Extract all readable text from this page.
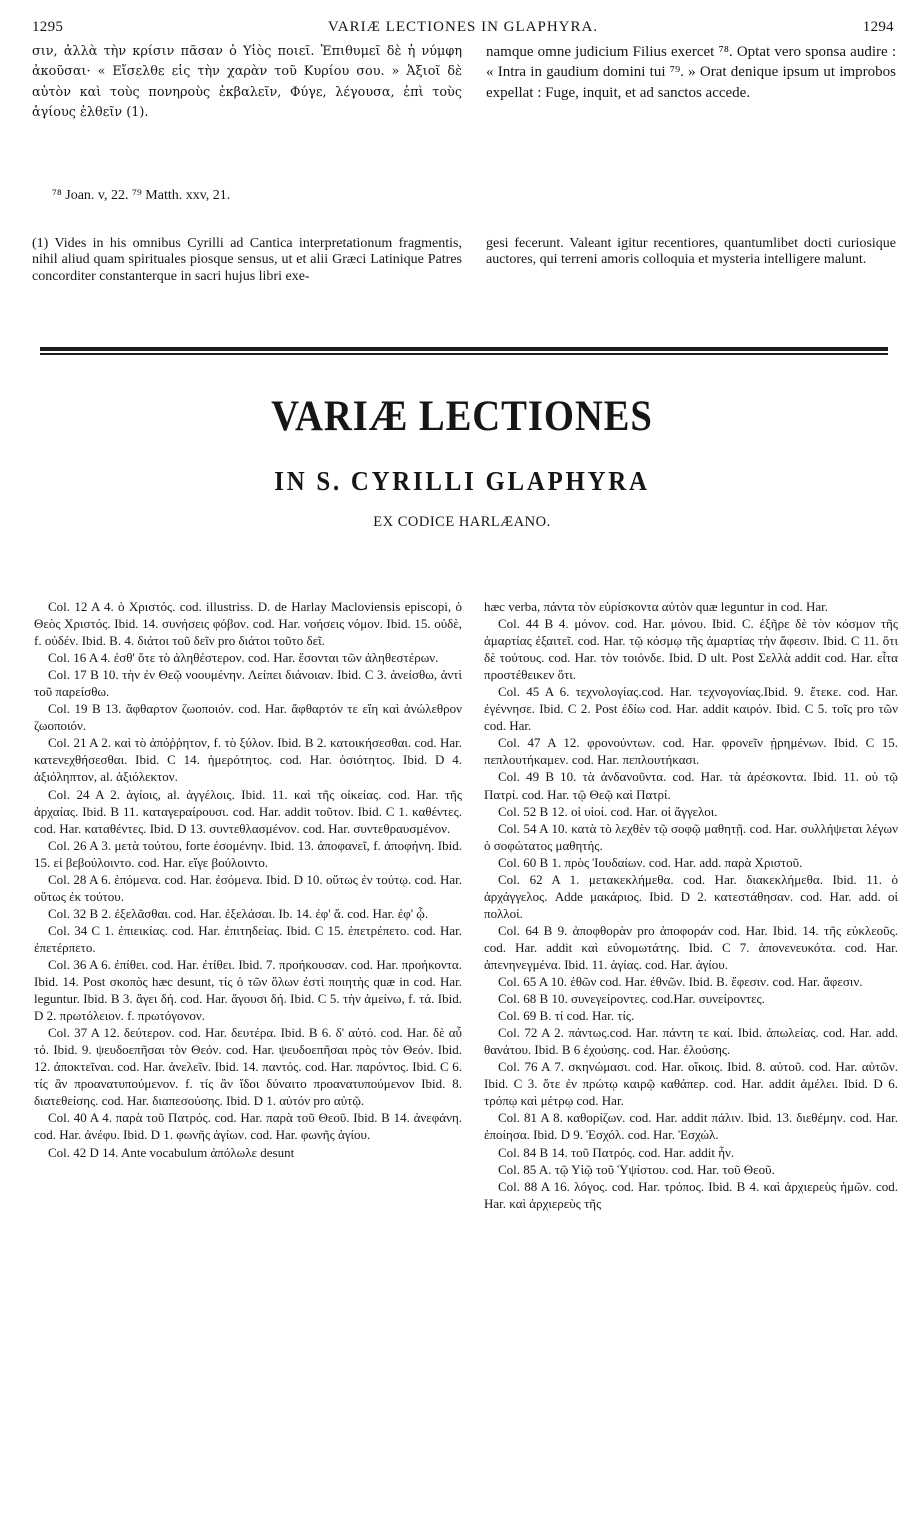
1295	VARIÆ LECTIONES IN GLAPHYRA.	1294

σιν, ἀλλὰ τὴν κρίσιν πᾶσαν ὁ Υἱὸς ποιεῖ. Ἐπιθυμεῖ δὲ ἡ νύμφη ἀκοῦσαι· « Εἴσελθε εἰς τὴν χαρὰν τοῦ Κυρίου σου. » Ἀξιοῖ δὲ αὐτὸν καὶ τοὺς πονηροὺς ἐκβαλεῖν, Φύγε, λέγουσα, ἐπὶ τοὺς ἁγίους ἐλθεῖν (1).

namque omne judicium Filius exercet ⁷⁸. Optat vero sponsa audire : « Intra in gaudium domini tui ⁷⁹. » Orat denique ipsum ut improbos expellat : Fuge, inquit, et ad sanctos accede.

⁷⁸ Joan. v, 22. ⁷⁹ Matth. xxv, 21.
(1) Vides in his omnibus Cyrilli ad Cantica interpretationum fragmentis, nihil aliud quam spirituales piosque sensus, ut et alii Græci Latinique Patres concorditer constanterque in sacri hujus libri exe-
gesi fecerunt. Valeant igitur recentiores, quantumlibet docti curiosique auctores, qui terreni amoris colloquia et mysteria intelligere malunt.
VARIÆ LECTIONES
IN S. CYRILLI GLAPHYRA
EX CODICE HARLÆANO.
Col. 12 A 4. ὁ Χριστός. cod. illustriss. D. de Harlay Macloviensis episcopi, ὁ Θεὸς Χριστός. Ibid. 14. συνήσεις φόβον. cod. Har. νοήσεις νόμον. Ibid. 15. οὐδὲ, f. οὐδέν. Ibid. B. 4. διάτοι τοῦ δεῖν pro διάτοι τοῦτο δεῖ.
Col. 16 A 4. ἐσθ' ὅτε τὸ ἀληθέστερον. cod. Har. ἔσονται τῶν ἀληθεστέρων.
Col. 17 B 10. τὴν ἐν Θεῷ νοουμένην. Λείπει διάνοιαν. Ibid. C 3. ἀνείσθω, ἀντὶ τοῦ παρείσθω.
Col. 19 B 13. ἄφθαρτον ζωοποιόν. cod. Har. ἄφθαρτόν τε εἴη καὶ ἀνώλεθρον ζωοποιόν.
Col. 21 A 2. καὶ τὸ ἀπόῤῥητον, f. τὸ ξύλον. Ibid. B 2. κατοικήσεσθαι. cod. Har. κατενεχθήσεσθαι. Ibid. C 14. ἡμερότητος. cod. Har. ὁσιότητος. Ibid. D 4. ἀξιόληπτον, al. ἀξιόλεκτον.
Col. 24 A 2. ἁγίοις, al. ἀγγέλοις. Ibid. 11. καὶ τῆς οἰκείας. cod. Har. τῆς ἀρχαίας. Ibid. B 11. καταγεραίρουσι. cod. Har. addit τοῦτον. Ibid. C 1. καθέντες. cod. Har. καταθέντες. Ibid. D 13. συντεθλασμένον. cod. Har. συντεθραυσμένον.
Col. 26 A 3. μετὰ τούτου, forte ἐσομένην. Ibid. 13. ἀποφανεῖ, f. ἀποφήνη. Ibid. 15. εἰ βεβούλοιντο. cod. Har. εἴγε βούλοιντο.
Col. 28 A 6. ἑπόμενα. cod. Har. ἐσόμενα. Ibid. D 10. οὕτως ἐν τούτῳ. cod. Har. οὕτως ἐκ τούτου.
Col. 32 B 2. ἐξελᾶσθαι. cod. Har. ἐξελάσαι. Ib. 14. ἐφ' ἅ. cod. Har. ἐφ' ᾧ.
Col. 34 C 1. ἐπιεικίας. cod. Har. ἐπιτηδείας. Ibid. C 15. ἐπετρέπετο. cod. Har. ἐπετέρπετο.
Col. 36 A 6. ἐπίθει. cod. Har. ἐτίθει. Ibid. 7. προήκουσαν. cod. Har. προήκοντα. Ibid. 14. Post σκοπὸς hæc desunt, τίς ὁ τῶν ὅλων ἐστὶ ποιητὴς quæ in cod. Har. leguntur. Ibid. B 3. ἄγει δή. cod. Har. ἄγουσι δή. Ibid. C 5. τὴν ἀμείνω, f. τά. Ibid. D 2. πρωτόλειον. f. πρωτόγονον.
Col. 37 A 12. δεύτερον. cod. Har. δευτέρα. Ibid. B 6. δ' αὐτό. cod. Har. δὲ αὖ τό. Ibid. 9. ψευδοεπῆσαι τὸν Θεόν. cod. Har. ψευδοεπῆσαι πρὸς τὸν Θεόν. Ibid. 12. ἀποκτεῖναι. cod. Har. ἀνελεῖν. Ibid. 14. παντός. cod. Har. παρόντος. Ibid. C 6. τίς ἂν προανατυπούμενον. f. τίς ἂν ἴδοι δύναιτο προανατυπούμενον Ibid. 8. διατεθείσης. cod. Har. διαπεσούσης. Ibid. D 1. αὐτόν pro αὐτῷ.
Col. 40 A 4. παρὰ τοῦ Πατρός. cod. Har. παρὰ τοῦ Θεοῦ. Ibid. B 14. ἀνεφάνη. cod. Har. ἀνέφυ. Ibid. D 1. φωνῆς ἁγίων. cod. Har. φωνῆς ἁγίου.
Col. 42 D 14. Ante vocabulum ἀπόλωλε desunt
hæc verba, πάντα τὸν εὑρίσκοντα αὐτὸν quæ leguntur in cod. Har.
Col. 44 B 4. μόνον. cod. Har. μόνου. Ibid. C. ἐξῆρε δὲ τὸν κόσμον τῆς ἁμαρτίας ἐξαιτεῖ. cod. Har. τῷ κόσμῳ τῆς ἁμαρτίας τὴν ἄφεσιν. Ibid. C 11. ὅτι δὲ τούτους. cod. Har. τὸν τοιόνδε. Ibid. D ult. Post Σελλὰ addit cod. Har. εἶτα προστέθεικεν ὅτι.
Col. 45 A 6. τεχνολογίας.cod. Har. τεχνογονίας.Ibid. 9. ἔτεκε. cod. Har. ἐγέννησε. Ibid. C 2. Post ἐδίω cod. Har. addit καιρόν. Ibid. C 5. τοῖς pro τῶν cod. Har.
Col. 47 A 12. φρονούντων. cod. Har. φρονεῖν ᾐρημένων. Ibid. C 15. πεπλουτήκαμεν. cod. Har. πεπλουτήκασι.
Col. 49 B 10. τὰ ἀνδανοῦντα. cod. Har. τὰ ἀρέσκοντα. Ibid. 11. οὐ τῷ Πατρί. cod. Har. τῷ Θεῷ καὶ Πατρί.
Col. 52 B 12. οἱ υἱοί. cod. Har. οἱ ἄγγελοι.
Col. 54 A 10. κατὰ τὸ λεχθὲν τῷ σοφῷ μαθητῇ. cod. Har. συλλήψεται λέγων ὁ σοφώτατος μαθητής.
Col. 60 B 1. πρὸς Ἰουδαίων. cod. Har. add. παρὰ Χριστοῦ.
Col. 62 A 1. μετακεκλήμεθα. cod. Har. διακεκλήμεθα. Ibid. 11. ὁ ἀρχάγγελος. Adde μακάριος. Ibid. D 2. κατεστάθησαν. cod. Har. add. οἱ πολλοί.
Col. 64 B 9. ἀποφθορὰν pro ἀποφοράν cod. Har. Ibid. 14. τῆς εὐκλεοῦς. cod. Har. addit καὶ εὐνομωτάτης. Ibid. C 7. ἀπονενευκότα. cod. Har. ἀπενηνεγμένα. Ibid. 11. ἁγίας. cod. Har. ἁγίου.
Col. 65 A 10. ἐθῶν cod. Har. ἐθνῶν. Ibid. B. ἔφεσιν. cod. Har. ἄφεσιν.
Col. 68 B 10. συνεγείροντες. cod.Har. συνείροντες.
Col. 69 B. τί cod. Har. τίς.
Col. 72 A 2. πάντως.cod. Har. πάντη τε καί. Ibid. ἀπωλείας. cod. Har. add. θανάτου. Ibid. B 6 ἐχούσης. cod. Har. ἐλούσης.
Col. 76 A 7. σκηνώμασι. cod. Har. οἴκοις. Ibid. 8. αὐτοῦ. cod. Har. αὐτῶν. Ibid. C 3. ὅτε ἐν πρώτῳ καιρῷ καθάπερ. cod. Har. addit ἀμέλει. Ibid. D 6. τρόπῳ καὶ μέτρῳ cod. Har.
Col. 81 A 8. καθορίζων. cod. Har. addit πάλιν. Ibid. 13. διεθέμην. cod. Har. ἐποίησα. Ibid. D 9. Ἐσχόλ. cod. Har. Ἐσχώλ.
Col. 84 B 14. τοῦ Πατρός. cod. Har. addit ἦν.
Col. 85 A. τῷ Υἱῷ τοῦ Ὑψίστου. cod. Har. τοῦ Θεοῦ.
Col. 88 A 16. λόγος. cod. Har. τρόπος. Ibid. B 4. καὶ ἀρχιερεὺς ἡμῶν. cod. Har. καὶ ἀρχιερεὺς τῆς
